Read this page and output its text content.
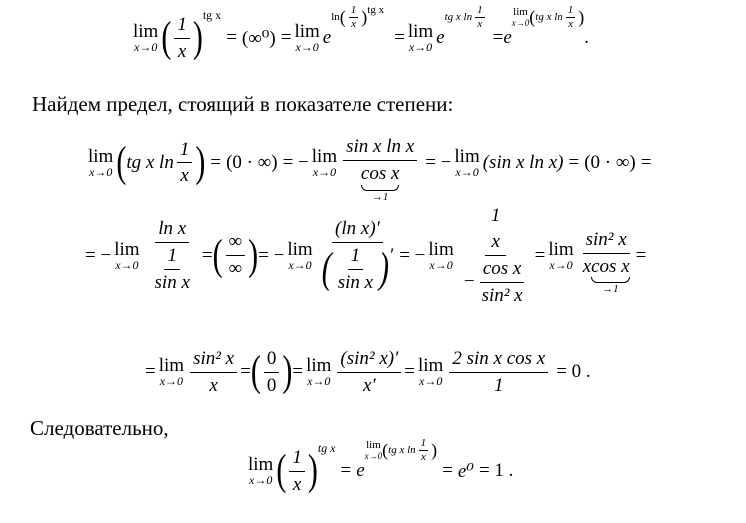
lim
x→0 ( $\frac{1}{x}$ ) tg x
= (∞⁰) = lim
x→0 e
ln ( $\frac{1}{x}$ ) tg x
= lim
x→0 e
tg x $\ln \frac{1}{x}$
= e
lim
x→0 ( tg x $\ln \frac{1}{x}$ )
.
Найдем предел, стоящий в показателе степени:
lim
x→0 ( tg x $\ln \frac{1}{x}$ ) = (0 · ∞) = − lim
x→0 sin x ln x
cos x
→1 = − lim
x→0 (sin x ln x) = (0 · ∞) =
= − lim
$x\to 0 \frac{\text{ln x}}{\frac{1}{\text{sin x}}}$ = ( $\frac{\infty}{\infty}$ ) = − lim
$x\to 0 \frac{\text{(ln x)′}}{( \frac{1}{\text{sin x}} ) '}$ = − lim
x→0 1
x
− $\frac{\text{cos x}}{\text{sin² x}} = \lim$
x→0 sin² x
x cos x
→1 =
= lim
$x\to 0 \frac{\text{sin² x}}{x}$ = ( $\frac{0}{0}$ ) = lim
$x\to 0 \frac{\text{(sin² x)′}}{x'} = \lim$
$x\to 0 \frac{\text{2 sin x cos x}}{1} = 0$ .
Следовательно,
lim
x→0 ( $\frac{1}{x}$ ) tg x
= e
lim
x→0 ( tg x $\ln \frac{1}{x}$ )
= e⁰ = 1 .
